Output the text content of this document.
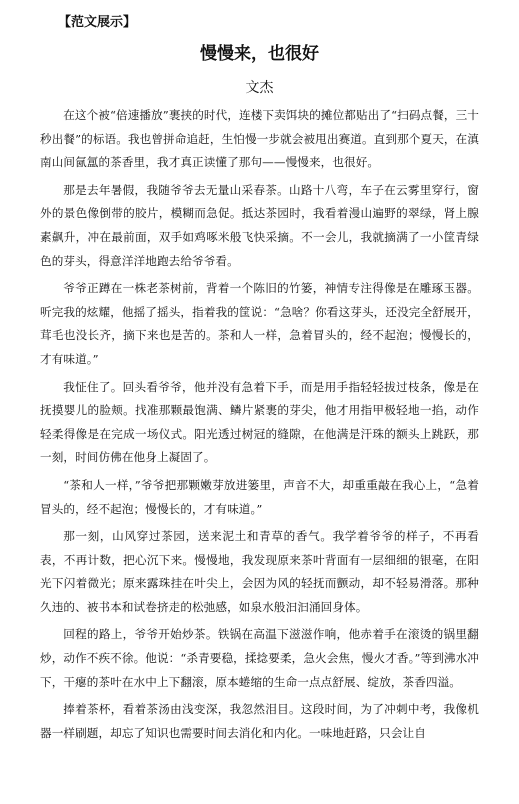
【范文展示】
慢慢来，也很好
文杰

在这个被“倍速播放”裹挟的时代，连楼下卖饵块的摊位都贴出了“扫码点餐，三十秒出餐”的标语。我也曾拼命追赶，生怕慢一步就会被甩出赛道。直到那个夏天，在滇南山间氤氲的茶香里，我才真正读懂了那句——慢慢来，也很好。

那是去年暑假，我随爷爷去无量山采春茶。山路十八弯，车子在云雾里穿行，窗外的景色像倒带的胶片，模糊而急促。抵达茶园时，我看着漫山遍野的翠绿，肾上腺素飙升，冲在最前面，双手如鸡啄米般飞快采摘。不一会儿，我就摘满了一小筐青绿色的芽头，得意洋洋地跑去给爷爷看。

爷爷正蹲在一株老茶树前，背着一个陈旧的竹篓，神情专注得像是在雕琢玉器。听完我的炫耀，他摇了摇头，指着我的筐说：“急啥？你看这芽头，还没完全舒展开，茸毛也没长齐，摘下来也是苦的。茶和人一样，急着冒头的，经不起泡；慢慢长的，才有味道。”

我怔住了。回头看爷爷，他并没有急着下手，而是用手指轻轻拔过枝条，像是在抚摸婴儿的脸颊。找准那颗最饱满、鳞片紧裹的芽尖，他才用指甲极轻地一掐，动作轻柔得像是在完成一场仪式。阳光透过树冠的缝隙，在他满是汗珠的额头上跳跃，那一刻，时间仿佛在他身上凝固了。

“茶和人一样，”爷爷把那颗嫩芽放进篓里，声音不大，却重重敲在我心上，“急着冒头的，经不起泡；慢慢长的，才有味道。”

那一刻，山风穿过茶园，送来泥土和青草的香气。我学着爷爷的样子，不再看表，不再计数，把心沉下来。慢慢地，我发现原来茶叶背面有一层细细的银毫，在阳光下闪着微光；原来露珠挂在叶尖上，会因为风的轻抚而颤动，却不轻易滑落。那种久违的、被书本和试卷挤走的松弛感，如泉水般汩汩涌回身体。

回程的路上，爷爷开始炒茶。铁锅在高温下滋滋作响，他赤着手在滚烫的锅里翻炒，动作不疾不徐。他说：“杀青要稳，揉捻要柔，急火会焦，慢火才香。”等到沸水冲下，干瘪的茶叶在水中上下翻滚，原本蜷缩的生命一点点舒展、绽放，茶香四溢。

捧着茶杯，看着茶汤由浅变深，我忽然泪目。这段时间，为了冲刺中考，我像机器一样刷题，却忘了知识也需要时间去消化和内化。一味地赶路，只会让自
